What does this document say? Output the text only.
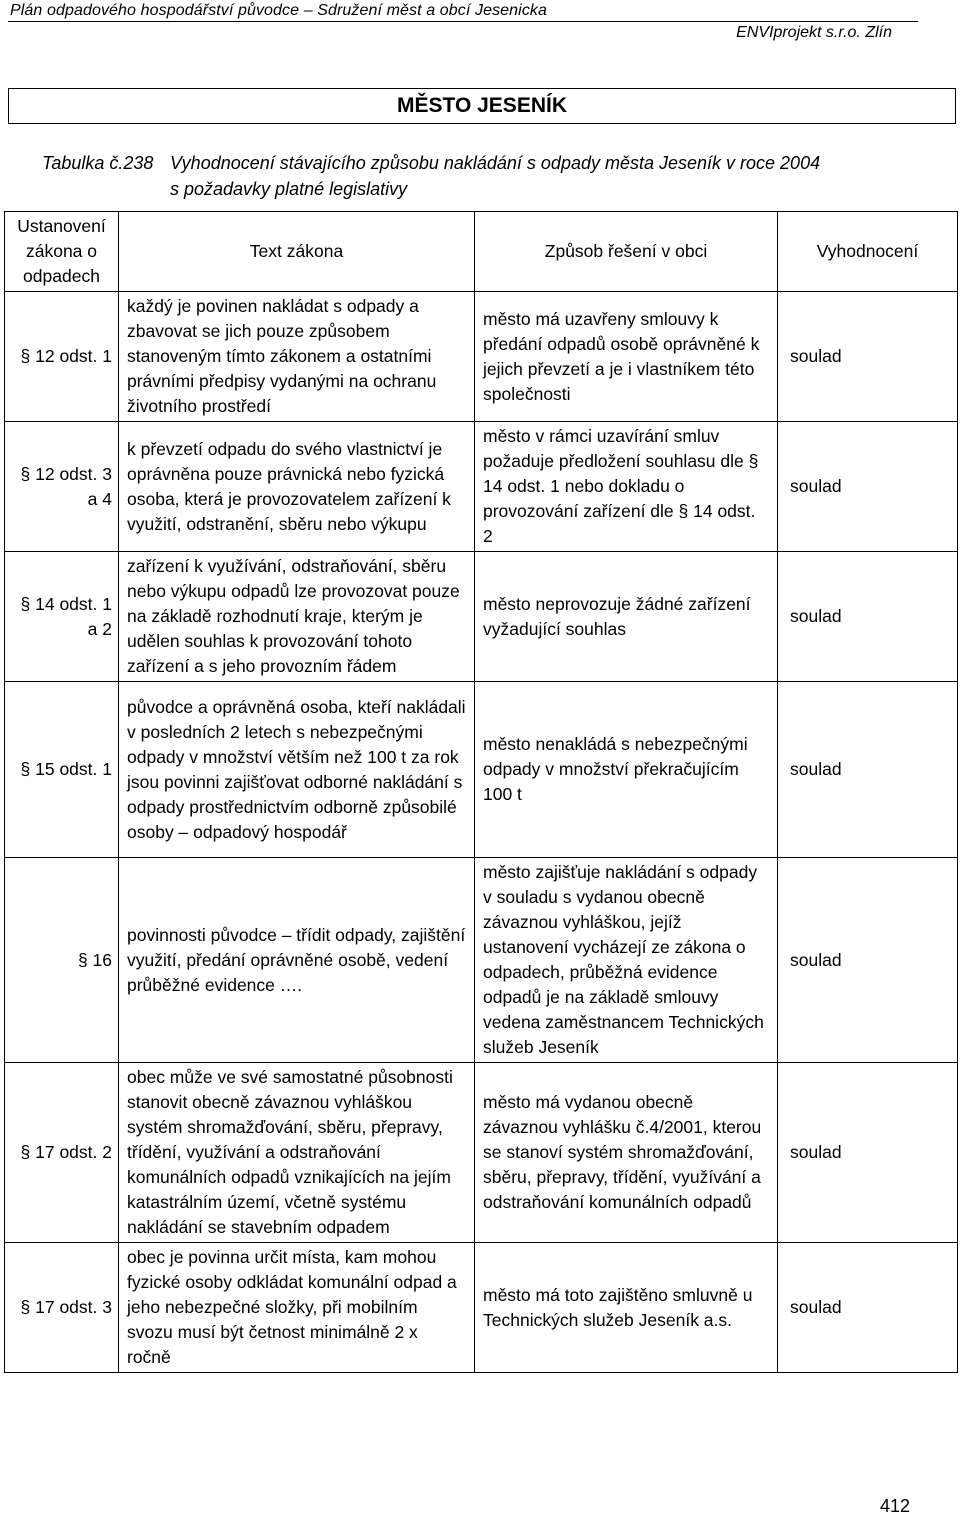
Plán odpadového hospodářství původce – Sdružení měst a obcí Jesenicka
ENVIprojekt s.r.o. Zlín
MĚSTO JESENÍK
Tabulka č.238 Vyhodnocení stávajícího způsobu nakládání s odpady města Jeseník v roce 2004
s požadavky platné legislativy
Ustanovení zákona o odpadech	Text zákona	Způsob řešení v obci	Vyhodnocení
§ 12 odst. 1	každý je povinen nakládat s odpady a zbavovat se jich pouze způsobem stanoveným tímto zákonem a ostatními právními předpisy vydanými na ochranu životního prostředí	město má uzavřeny smlouvy k předání odpadů osobě oprávněné k jejich převzetí a je i vlastníkem této společnosti	soulad
§ 12 odst. 3 a 4	k převzetí odpadu do svého vlastnictví je oprávněna pouze právnická nebo fyzická osoba, která je provozovatelem zařízení k využití, odstranění, sběru nebo výkupu	město v rámci uzavírání smluv požaduje předložení souhlasu dle § 14 odst. 1 nebo dokladu o provozování zařízení dle § 14 odst. 2	soulad
§ 14 odst. 1 a 2	zařízení k využívání, odstraňování, sběru nebo výkupu odpadů lze provozovat pouze na základě rozhodnutí kraje, kterým je udělen souhlas k provozování tohoto zařízení a s jeho provozním řádem	město neprovozuje žádné zařízení vyžadující souhlas	soulad
§ 15 odst. 1	původce a oprávněná osoba, kteří nakládali v posledních 2 letech s nebezpečnými odpady v množství větším než 100 t za rok jsou povinni zajišťovat odborné nakládání s odpady prostřednictvím odborně způsobilé osoby – odpadový hospodář	město nenakládá s nebezpečnými odpady v množství překračujícím 100 t	soulad
§ 16	povinnosti původce – třídit odpady, zajištění využití, předání oprávněné osobě, vedení průběžné evidence ….	město zajišťuje nakládání s odpady v souladu s vydanou obecně závaznou vyhláškou, jejíž ustanovení vycházejí ze zákona o odpadech, průběžná evidence odpadů je na základě smlouvy vedena zaměstnancem Technických služeb Jeseník	soulad
§ 17 odst. 2	obec může ve své samostatné působnosti stanovit obecně závaznou vyhláškou systém shromažďování, sběru, přepravy, třídění, využívání a odstraňování komunálních odpadů vznikajících na jejím katastrálním území, včetně systému nakládání se stavebním odpadem	město má vydanou obecně závaznou vyhlášku č.4/2001, kterou se stanoví systém shromažďování, sběru, přepravy, třídění, využívání a odstraňování komunálních odpadů	soulad
§ 17 odst. 3	obec je povinna určit místa, kam mohou fyzické osoby odkládat komunální odpad a jeho nebezpečné složky, při mobilním svozu musí být četnost minimálně 2 x ročně	město má toto zajištěno smluvně u Technických služeb Jeseník a.s.	soulad
412
